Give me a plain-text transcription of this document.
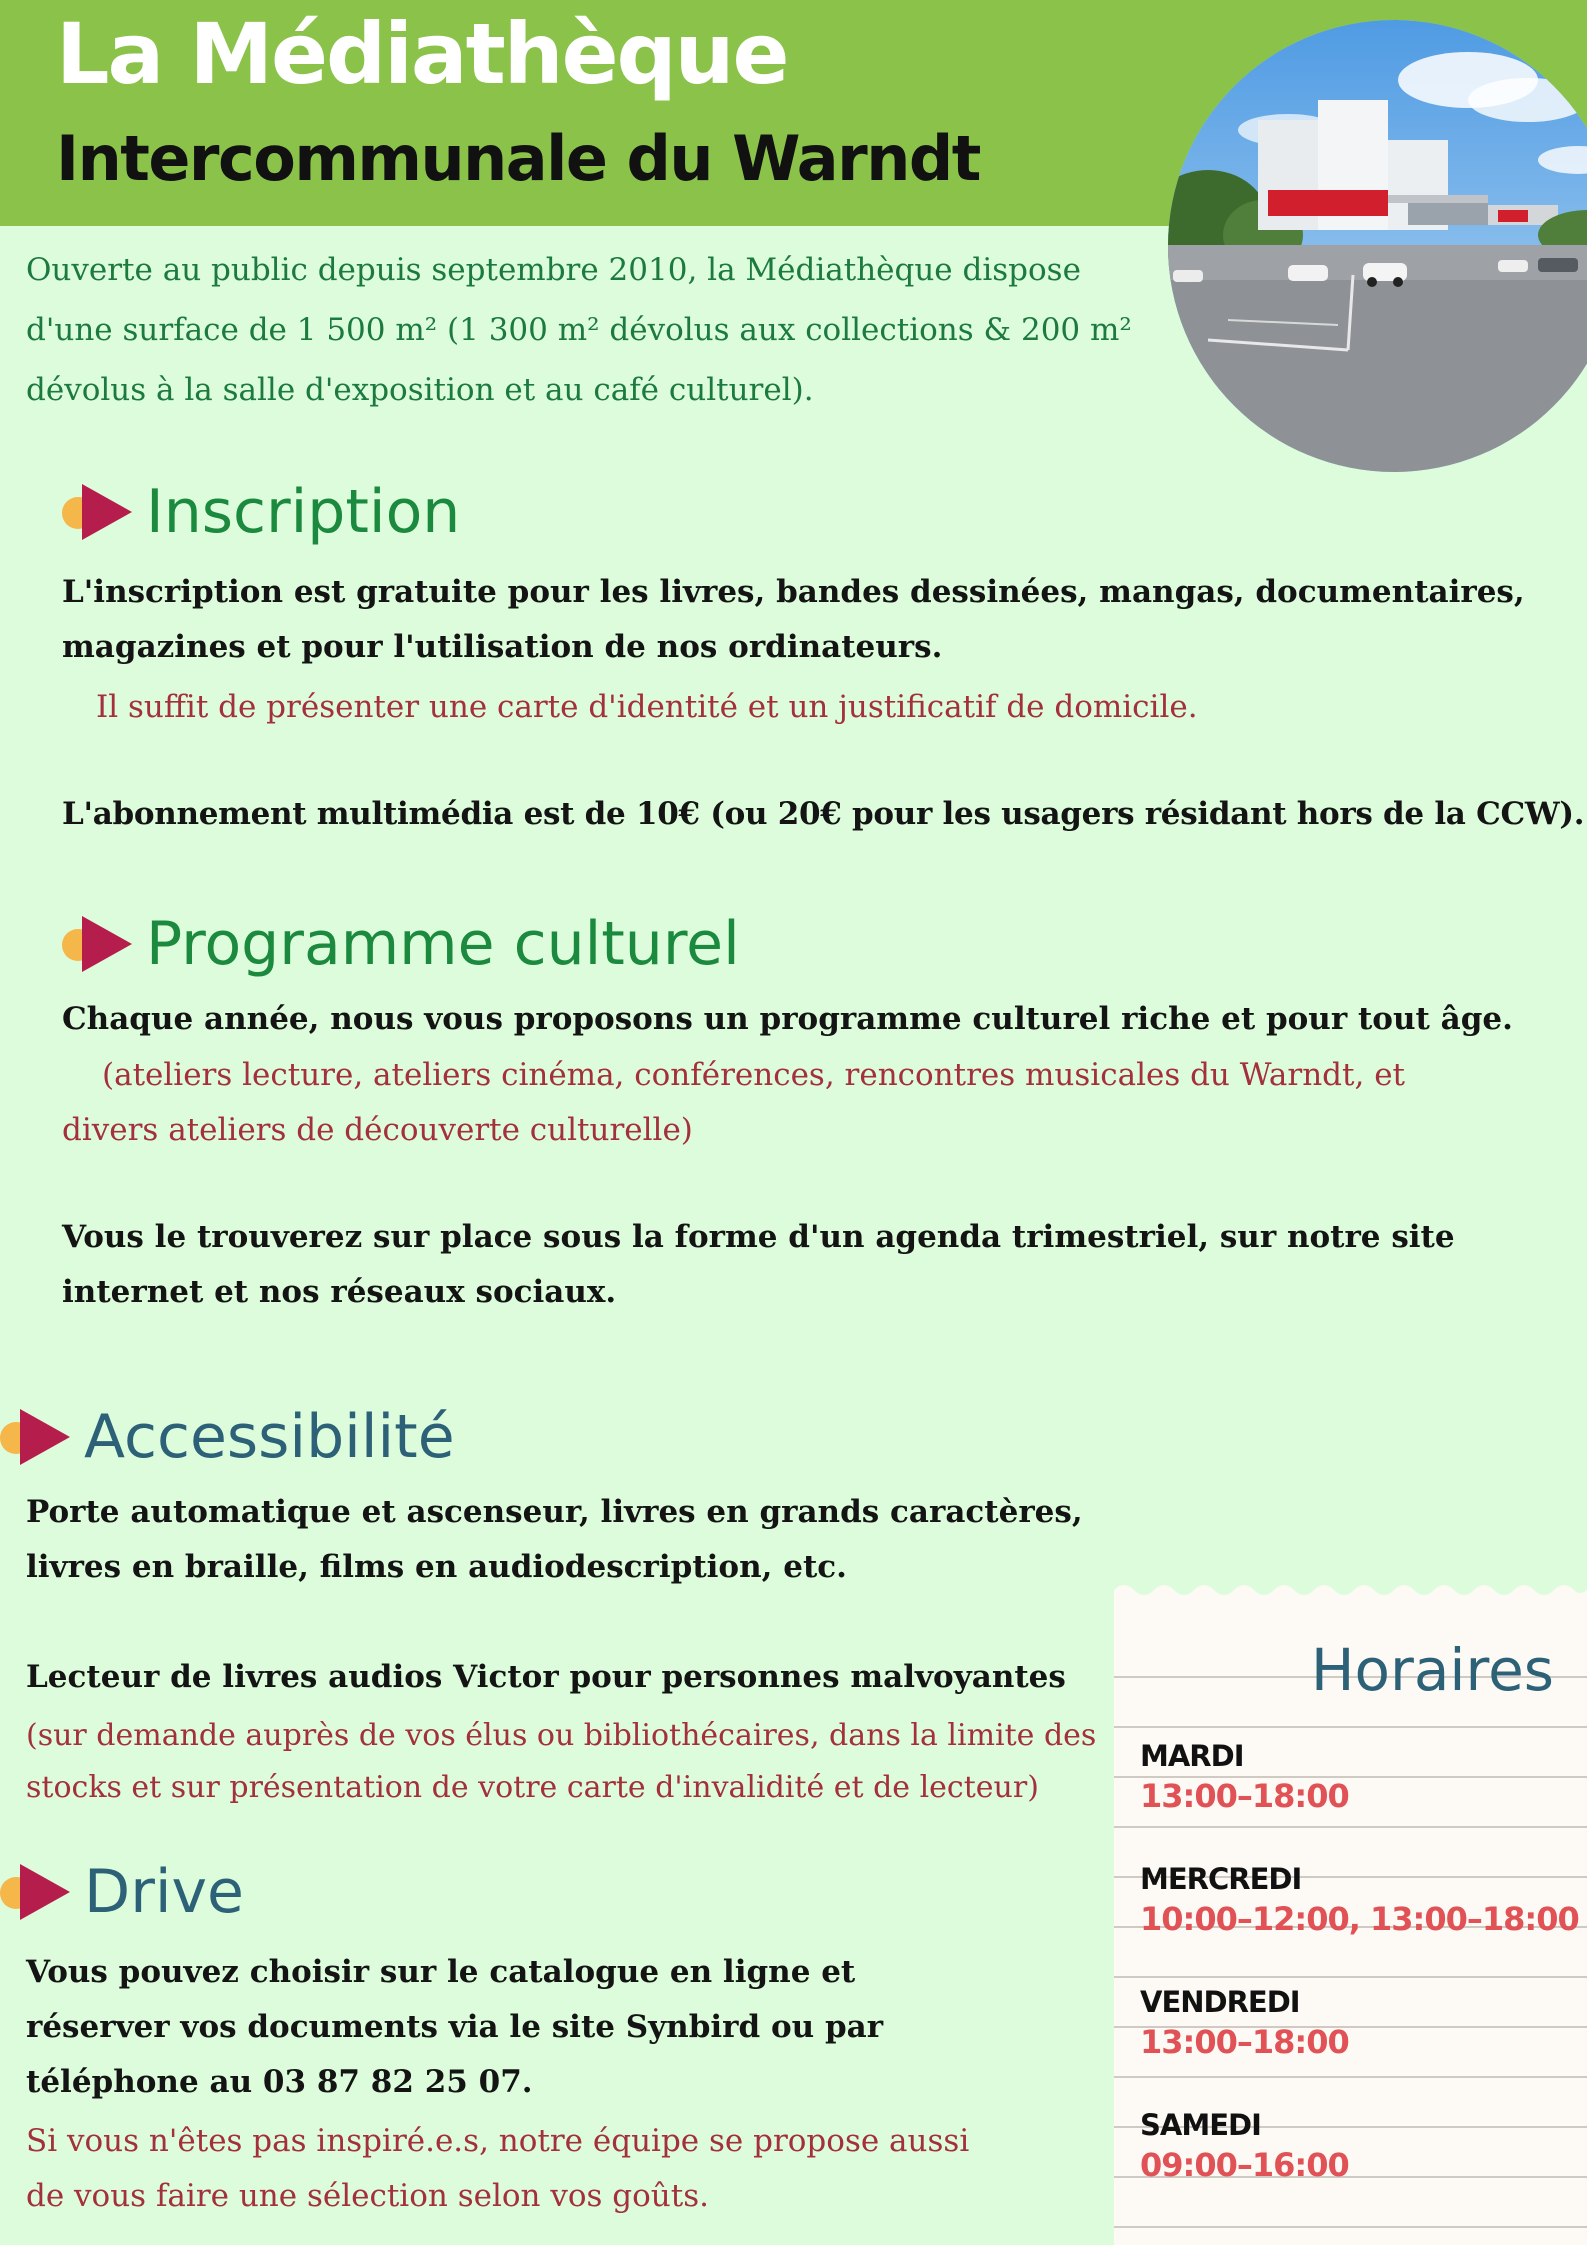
La Médiathèque
Intercommunale du Warndt
Ouverte au public depuis septembre 2010, la Médiathèque dispose d'une surface de 1 500 m² (1 300 m² dévolus aux collections & 200 m² dévolus à la salle d'exposition et au café culturel).
Inscription
L'inscription est gratuite pour les livres, bandes dessinées, mangas, documentaires, magazines et pour l'utilisation de nos ordinateurs.
Il suffit de présenter une carte d'identité et un justificatif de domicile.
L'abonnement multimédia est de 10€ (ou 20€ pour les usagers résidant hors de la CCW).
Programme culturel
Chaque année, nous vous proposons un programme culturel riche et pour tout âge.
(ateliers lecture, ateliers cinéma, conférences, rencontres musicales du Warndt, et divers ateliers de découverte culturelle)
Vous le trouverez sur place sous la forme d'un agenda trimestriel, sur notre site internet et nos réseaux sociaux.
Accessibilité
Porte automatique et ascenseur, livres en grands caractères, livres en braille, films en audiodescription, etc.
Lecteur de livres audios Victor pour personnes malvoyantes
(sur demande auprès de vos élus ou bibliothécaires, dans la limite des stocks et sur présentation de votre carte d'invalidité et de lecteur)
Drive
Vous pouvez choisir sur le catalogue en ligne et réserver vos documents via le site Synbird ou par téléphone au 03 87 82 25 07.
Si vous n'êtes pas inspiré.e.s, notre équipe se propose aussi de vous faire une sélection selon vos goûts.
Horaires
MARDI
13:00–18:00
MERCREDI
10:00–12:00, 13:00–18:00
VENDREDI
13:00–18:00
SAMEDI
09:00–16:00
